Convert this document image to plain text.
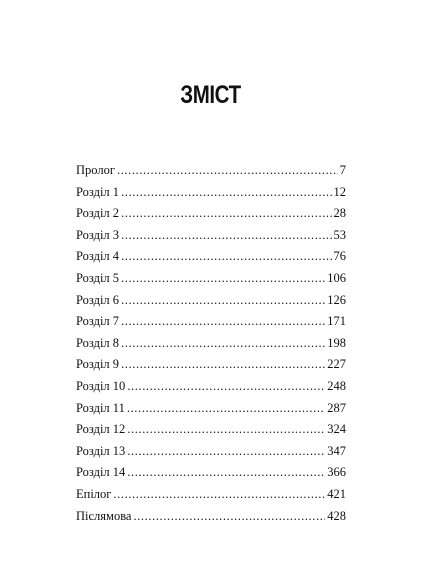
ЗМІСТ
Пролог .....	7
Розділ 1 .....	12
Розділ 2 .....	28
Розділ 3 .....	53
Розділ 4 .....	76
Розділ 5 .....	106
Розділ 6 .....	126
Розділ 7 .....	171
Розділ 8 .....	198
Розділ 9 .....	227
Розділ 10 .....	248
Розділ 11 .....	287
Розділ 12 .....	324
Розділ 13 .....	347
Розділ 14 .....	366
Епілог .....	421
Післямова .....	428
